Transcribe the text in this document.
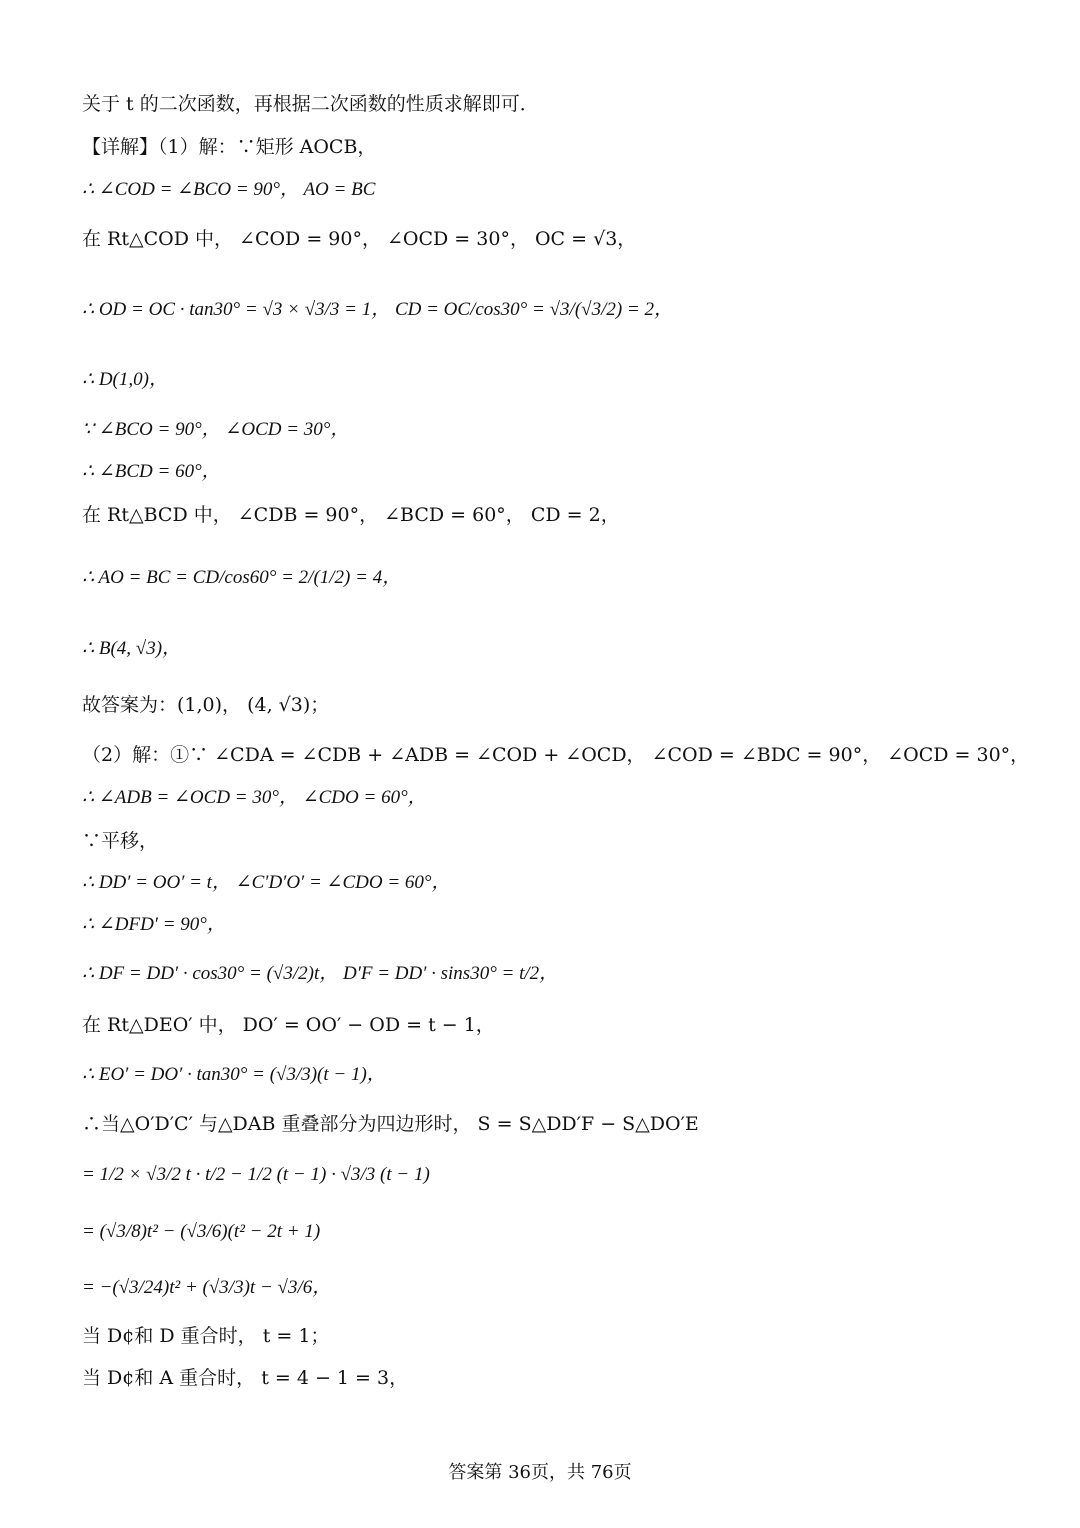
关于 t 的二次函数，再根据二次函数的性质求解即可．
【详解】（1）解：∵矩形 AOCB，
∴ ∠COD = ∠BCO = 90°， AO = BC
在 Rt△COD 中， ∠COD = 90°， ∠OCD = 30°， OC = √3，
∴ OD = OC · tan30° = √3 × √3/3 = 1， CD = OC/cos30° = √3/(√3/2) = 2，
∴ D(1,0)，
∵ ∠BCO = 90°， ∠OCD = 30°，
∴ ∠BCD = 60°，
在 Rt△BCD 中， ∠CDB = 90°， ∠BCD = 60°， CD = 2，
∴ AO = BC = CD/cos60° = 2/(1/2) = 4，
∴ B(4, √3)，
故答案为：(1,0)， (4, √3)；
（2）解：①∵ ∠CDA = ∠CDB + ∠ADB = ∠COD + ∠OCD， ∠COD = ∠BDC = 90°， ∠OCD = 30°，
∴ ∠ADB = ∠OCD = 30°， ∠CDO = 60°，
∵平移，
∴ DD′ = OO′ = t， ∠C′D′O′ = ∠CDO = 60°，
∴ ∠DFD′ = 90°，
∴ DF = DD′ · cos30° = (√3/2)t， D′F = DD′ · sins30° = t/2，
在 Rt△DEO′ 中， DO′ = OO′ − OD = t − 1，
∴ EO′ = DO′ · tan30° = (√3/3)(t − 1)，
∴当△O′D′C′ 与△DAB 重叠部分为四边形时， S = S△DD′F − S△DO′E
= 1/2 × √3/2 t · t/2 − 1/2 (t − 1) · √3/3 (t − 1)
= (√3/8)t² − (√3/6)(t² − 2t + 1)
= −(√3/24)t² + (√3/3)t − √3/6，
当 D¢和 D 重合时， t = 1；
当 D¢和 A 重合时， t = 4 − 1 = 3，
答案第 36页，共 76页
